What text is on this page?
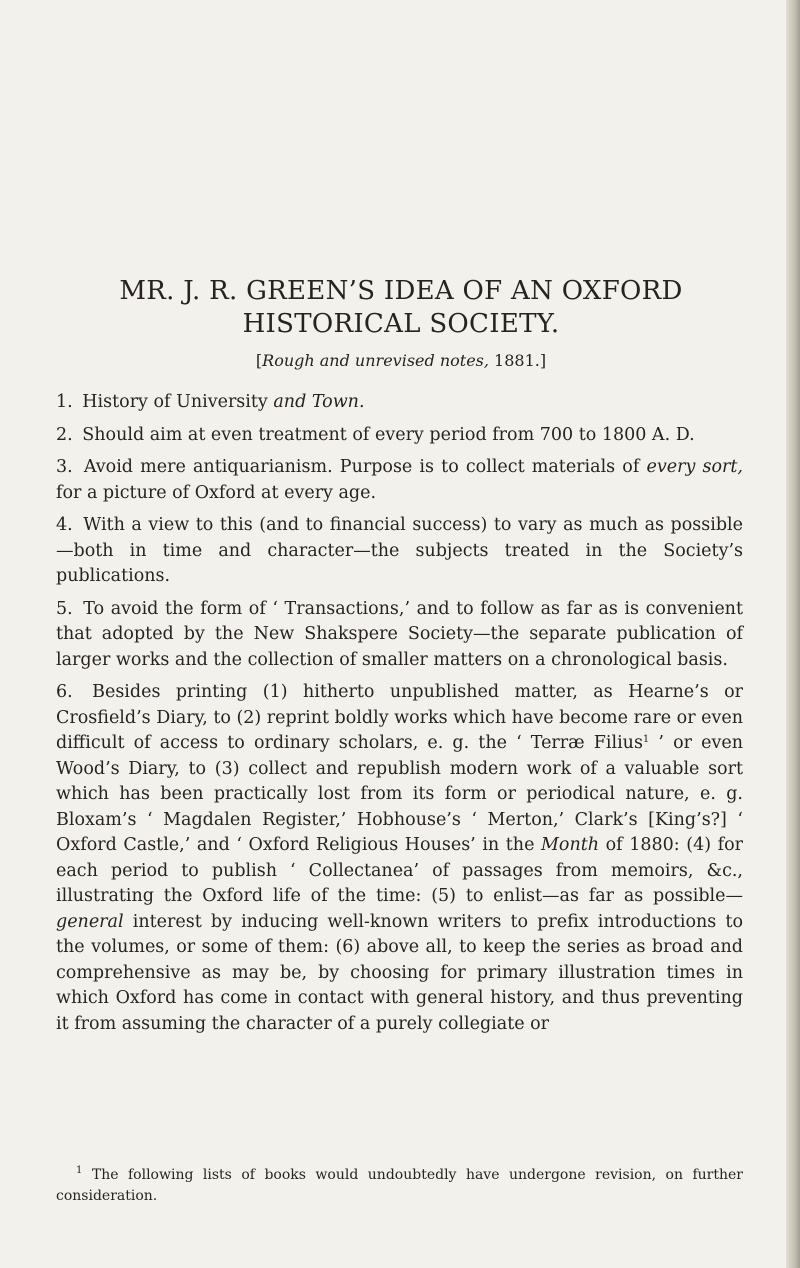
MR. J. R. GREEN’S IDEA OF AN OXFORD
HISTORICAL SOCIETY.
[Rough and unrevised notes, 1881.]

1. History of University and Town.

2. Should aim at even treatment of every period from 700 to 1800 A. D.

3. Avoid mere antiquarianism. Purpose is to collect materials of every sort, for a picture of Oxford at every age.

4. With a view to this (and to financial success) to vary as much as possible—both in time and character—the subjects treated in the Society’s publications.

5. To avoid the form of ‘ Transactions,’ and to follow as far as is convenient that adopted by the New Shakspere Society—the separate publication of larger works and the collection of smaller matters on a chronological basis.

6. Besides printing (1) hitherto unpublished matter, as Hearne’s or Crosfield’s Diary, to (2) reprint boldly works which have become rare or even difficult of access to ordinary scholars, e. g. the ‘ Terræ Filius$^1$ ’ or even Wood’s Diary, to (3) collect and republish modern work of a valuable sort which has been practically lost from its form or periodical nature, e. g. Bloxam’s ‘ Magdalen Register,’ Hobhouse’s ‘ Merton,’ Clark’s [King’s?] ‘ Oxford Castle,’ and ‘ Oxford Religious Houses’ in the Month of 1880: (4) for each period to publish ‘ Collectanea’ of passages from memoirs, &c., illustrating the Oxford life of the time: (5) to enlist—as far as possible—general interest by inducing well-known writers to prefix introductions to the volumes, or some of them: (6) above all, to keep the series as broad and comprehensive as may be, by choosing for primary illustration times in which Oxford has come in contact with general history, and thus preventing it from assuming the character of a purely collegiate or

$^1$ The following lists of books would undoubtedly have undergone revision, on further consideration.
